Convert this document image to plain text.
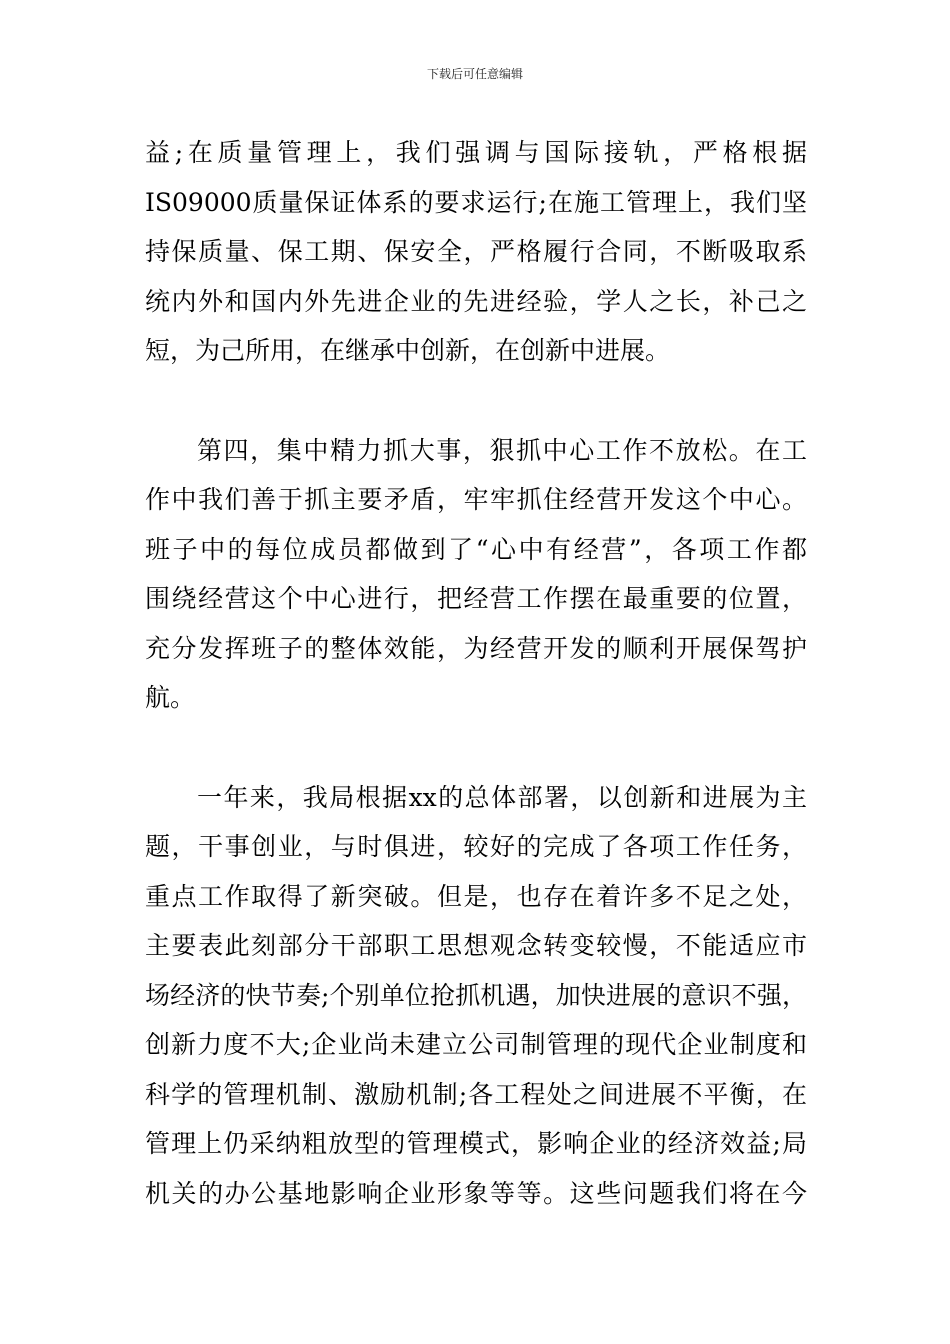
下载后可任意编辑
益;在质量管理上，我们强调与国际接轨，严格根据
IS09000质量保证体系的要求运行;在施工管理上，我们坚
持保质量、保工期、保安全，严格履行合同，不断吸取系
统内外和国内外先进企业的先进经验，学人之长，补己之
短，为己所用，在继承中创新，在创新中进展。
第四，集中精力抓大事，狠抓中心工作不放松。在工
作中我们善于抓主要矛盾，牢牢抓住经营开发这个中心。
班子中的每位成员都做到了“心中有经营”，各项工作都
围绕经营这个中心进行，把经营工作摆在最重要的位置，
充分发挥班子的整体效能，为经营开发的顺利开展保驾护
航。
一年来，我局根据xx的总体部署，以创新和进展为主
题，干事创业，与时俱进，较好的完成了各项工作任务，
重点工作取得了新突破。但是，也存在着许多不足之处，
主要表此刻部分干部职工思想观念转变较慢，不能适应市
场经济的快节奏;个别单位抢抓机遇，加快进展的意识不强，
创新力度不大;企业尚未建立公司制管理的现代企业制度和
科学的管理机制、激励机制;各工程处之间进展不平衡，在
管理上仍采纳粗放型的管理模式，影响企业的经济效益;局
机关的办公基地影响企业形象等等。这些问题我们将在今
